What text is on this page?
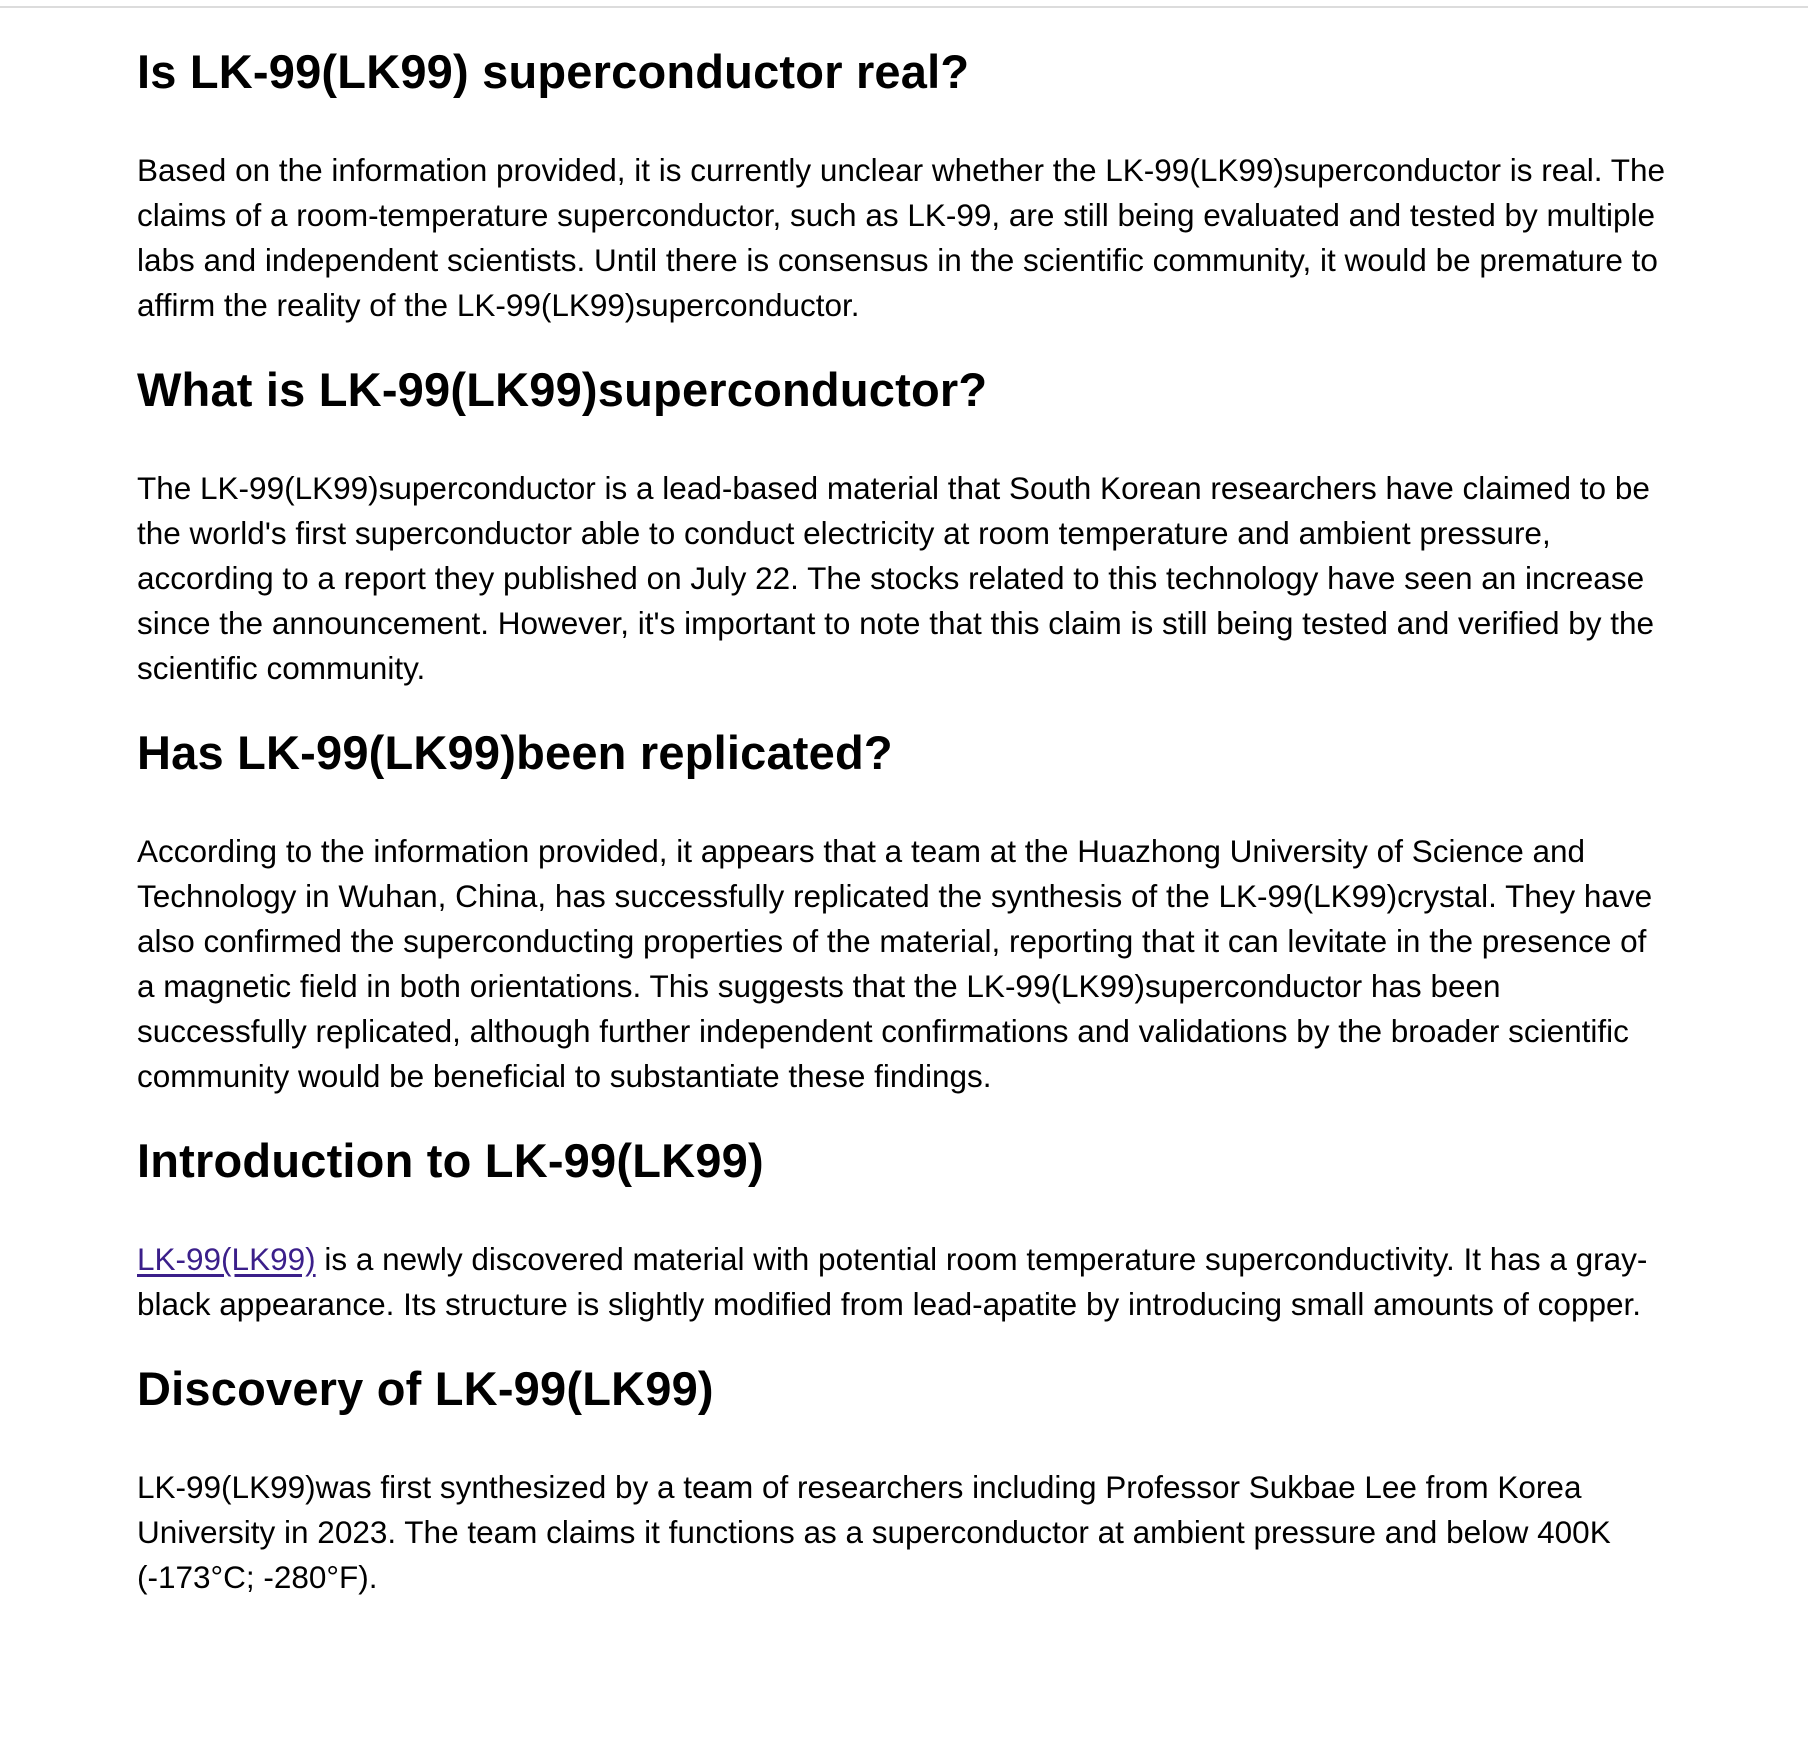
Is LK-99(LK99) superconductor real?

Based on the information provided, it is currently unclear whether the LK-99(LK99)superconductor is real. The claims of a room-temperature superconductor, such as LK-99, are still being evaluated and tested by multiple labs and independent scientists. Until there is consensus in the scientific community, it would be premature to affirm the reality of the LK-99(LK99)superconductor.

What is LK-99(LK99)superconductor?

The LK-99(LK99)superconductor is a lead-based material that South Korean researchers have claimed to be the world's first superconductor able to conduct electricity at room temperature and ambient pressure, according to a report they published on July 22. The stocks related to this technology have seen an increase since the announcement. However, it's important to note that this claim is still being tested and verified by the scientific community.

Has LK-99(LK99)been replicated?

According to the information provided, it appears that a team at the Huazhong University of Science and Technology in Wuhan, China, has successfully replicated the synthesis of the LK-99(LK99)crystal. They have also confirmed the superconducting properties of the material, reporting that it can levitate in the presence of a magnetic field in both orientations. This suggests that the LK-99(LK99)superconductor has been successfully replicated, although further independent confirmations and validations by the broader scientific community would be beneficial to substantiate these findings.

Introduction to LK-99(LK99)

LK-99(LK99) is a newly discovered material with potential room temperature superconductivity. It has a gray-black appearance. Its structure is slightly modified from lead-apatite by introducing small amounts of copper.

Discovery of LK-99(LK99)

LK-99(LK99)was first synthesized by a team of researchers including Professor Sukbae Lee from Korea University in 2023. The team claims it functions as a superconductor at ambient pressure and below 400K (-173°C; -280°F).
